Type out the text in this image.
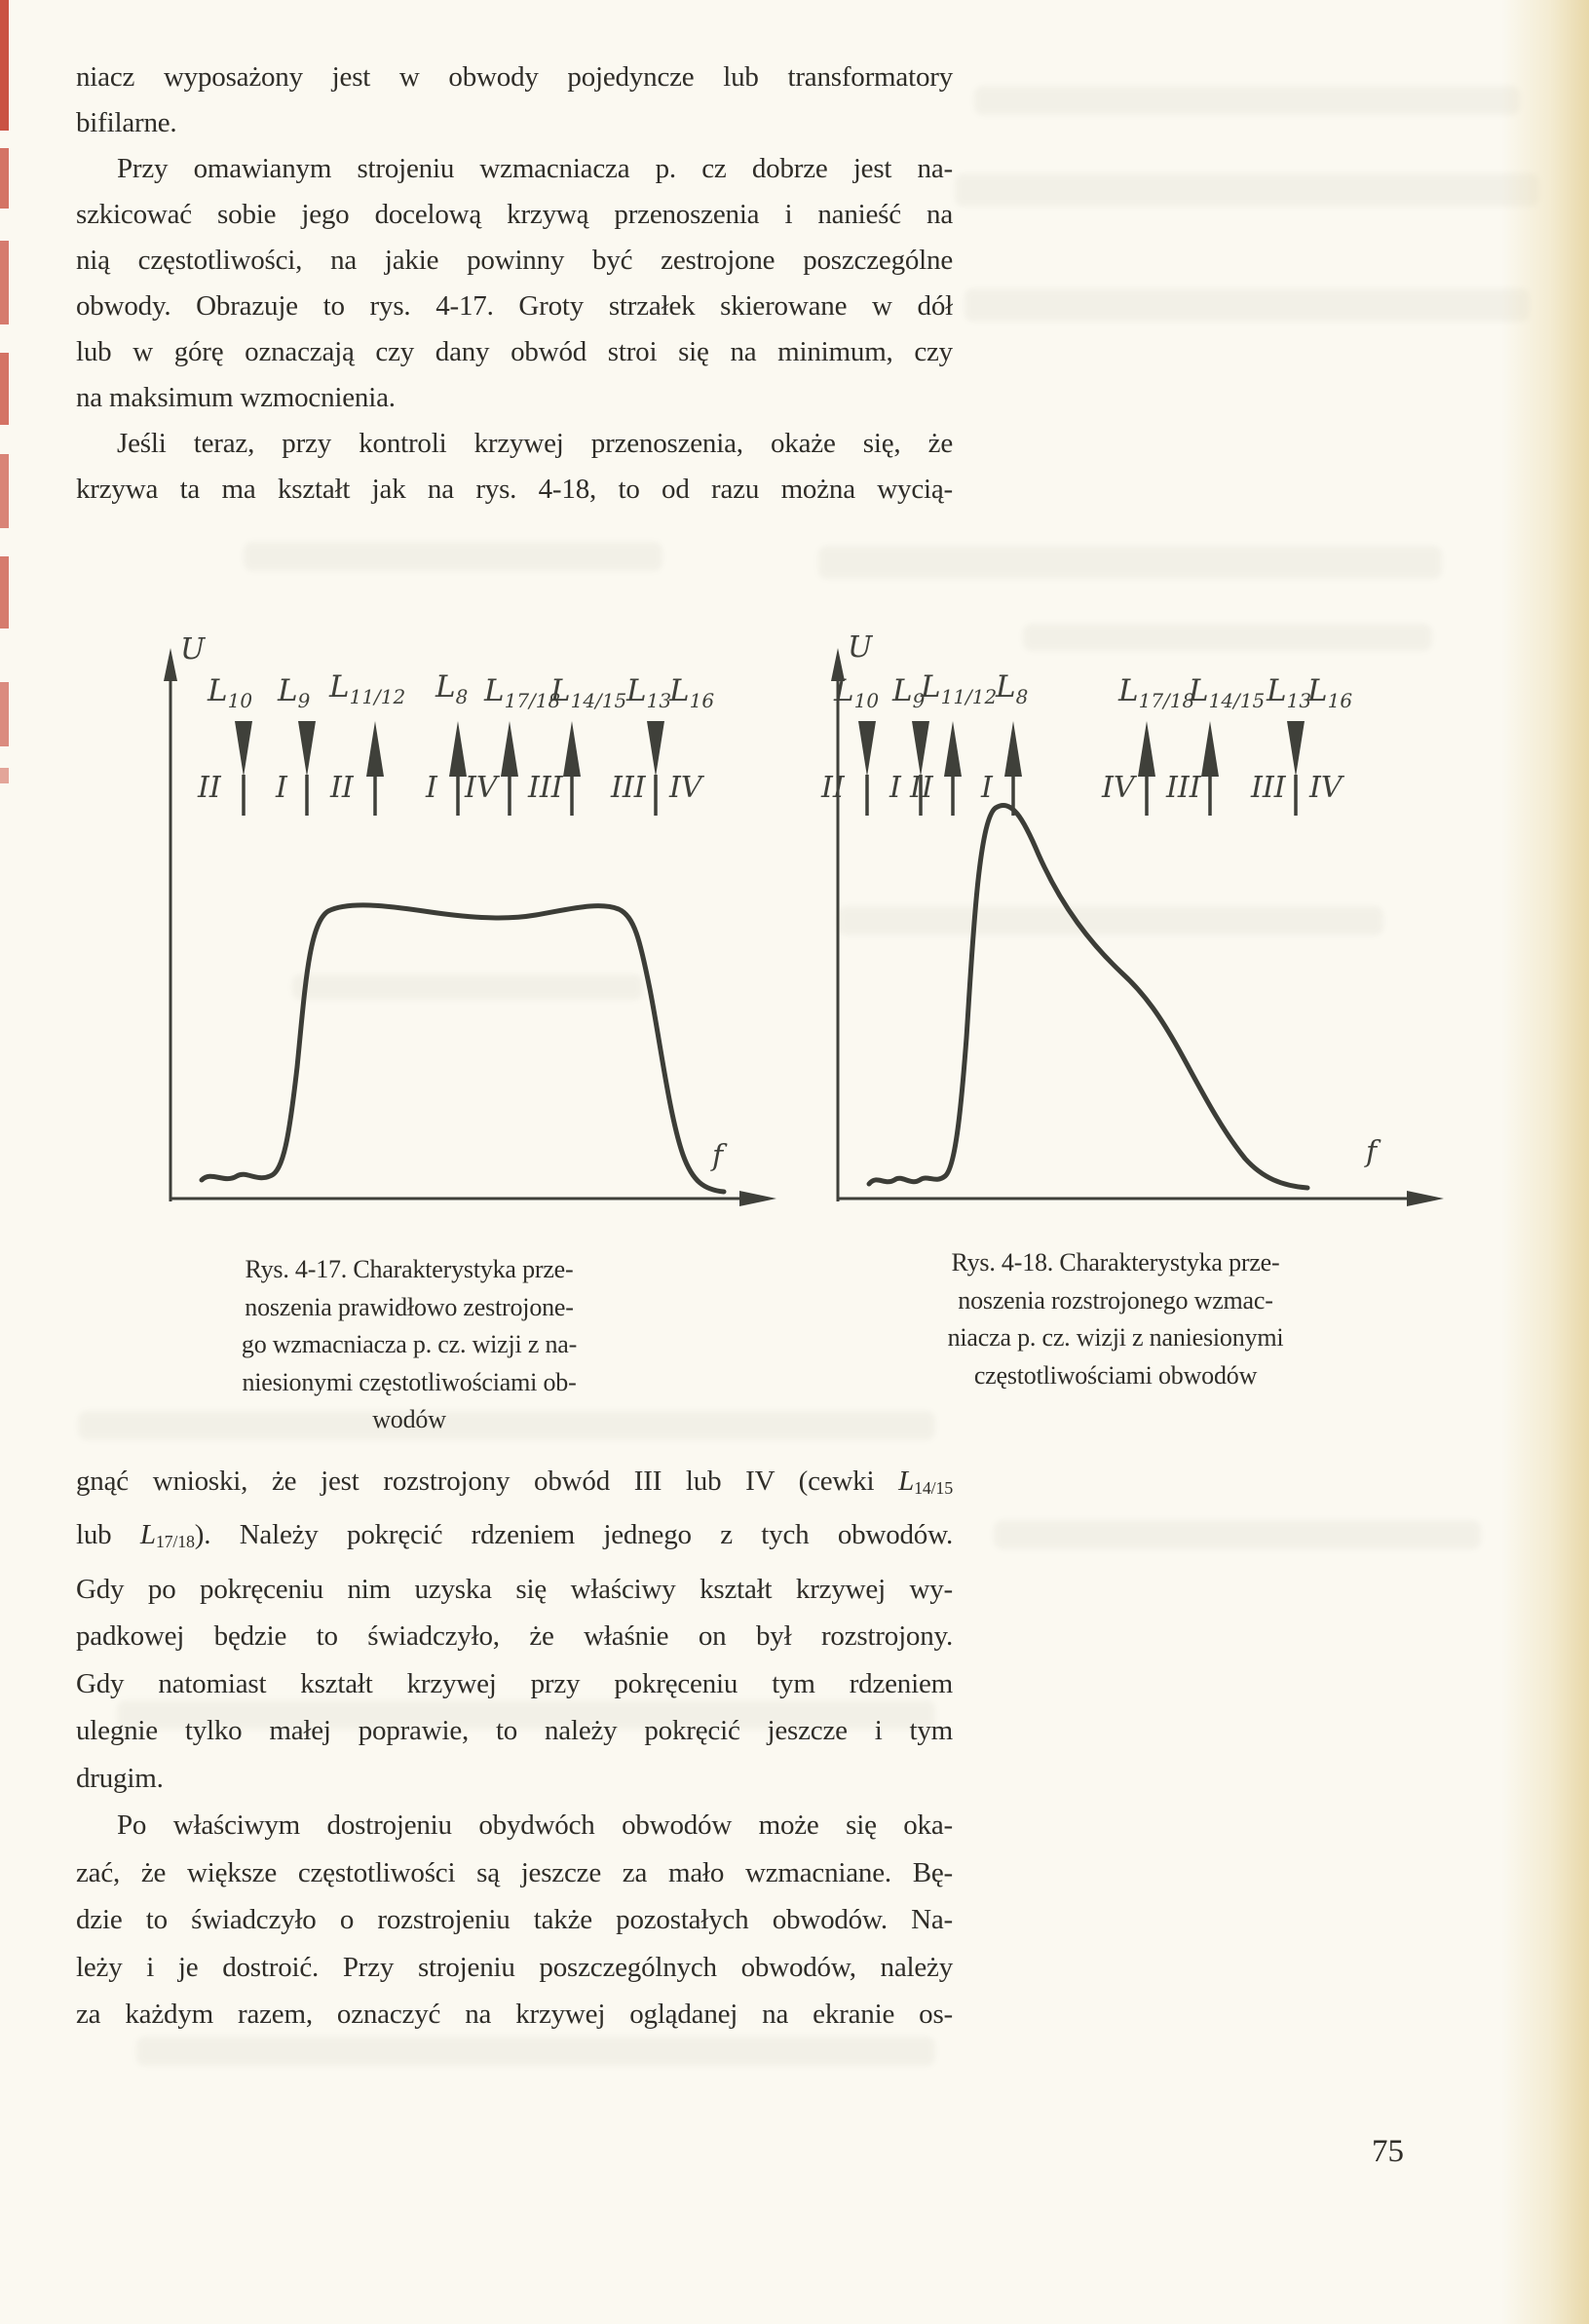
niacz wyposażony jest w obwody pojedyncze lub transformatory
bifilarne.
Przy omawianym strojeniu wzmacniacza p. cz dobrze jest na-
szkicować sobie jego docelową krzywą przenoszenia i nanieść na
nią częstotliwości, na jakie powinny być zestrojone poszczególne
obwody. Obrazuje to rys. 4-17. Groty strzałek skierowane w dół
lub w górę oznaczają czy dany obwód stroi się na minimum, czy
na maksimum wzmocnienia.
Jeśli teraz, przy kontroli krzywej przenoszenia, okaże się, że
krzywa ta ma kształt jak na rys. 4-18, to od razu można wycią-
U
f
$L_{10}$ $L_9$ $L_{11/12}$ $L_8$ $L_{17/18}$
$L_{14/15}$ $L_{13}$
$L_{16}$
II I II I IV III III IV
U
f
$L_{10}$ $L_9$
$L_{11/12}$
$L_8$	$L_{17/18}$
$L_{14/15}$ $L_{13}$
$L_{16}$
II I II I	IV III III IV
Rys. 4-17. Charakterystyka prze-
noszenia prawidłowo zestrojone-
go wzmacniacza p. cz. wizji z na-
niesionymi częstotliwościami ob-
wodów
Rys. 4-18. Charakterystyka prze-
noszenia rozstrojonego wzmac-
niacza p. cz. wizji z naniesionymi
częstotliwościami obwodów
gnąć wnioski, że jest rozstrojony obwód III lub IV (cewki $L_{14/15}$
lub $L_{17/18}$). Należy pokręcić rdzeniem jednego z tych obwodów.
Gdy po pokręceniu nim uzyska się właściwy kształt krzywej wy-
padkowej będzie to świadczyło, że właśnie on był rozstrojony.
Gdy natomiast kształt krzywej przy pokręceniu tym rdzeniem
ulegnie tylko małej poprawie, to należy pokręcić jeszcze i tym
drugim.
Po właściwym dostrojeniu obydwóch obwodów może się oka-
zać, że większe częstotliwości są jeszcze za mało wzmacniane. Bę-
dzie to świadczyło o rozstrojeniu także pozostałych obwodów. Na-
leży i je dostroić. Przy strojeniu poszczególnych obwodów, należy
za każdym razem, oznaczyć na krzywej oglądanej na ekranie os-
75
